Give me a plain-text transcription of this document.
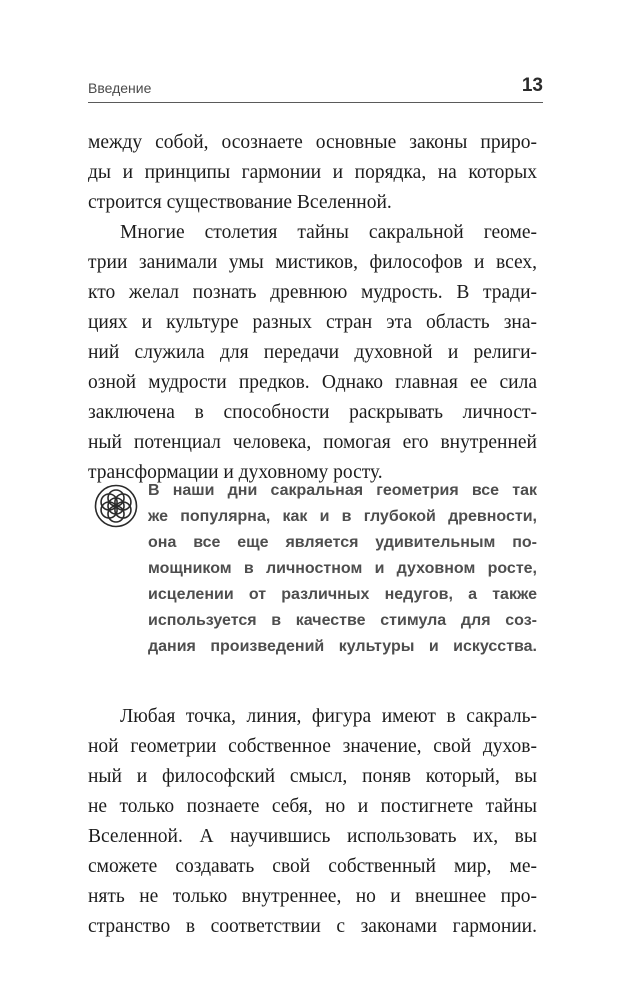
Введение	13
между собой, осознаете основные законы приро-
ды и принципы гармонии и порядка, на которых
строится существование Вселенной.
Многие столетия тайны сакральной геоме-
трии занимали умы мистиков, философов и всех,
кто желал познать древнюю мудрость. В тради-
циях и культуре разных стран эта область зна-
ний служила для передачи духовной и религи-
озной мудрости предков. Однако главная ее сила
заключена в способности раскрывать личност-
ный потенциал человека, помогая его внутренней
трансформации и духовному росту.
В наши дни сакральная геометрия все так
же популярна, как и в глубокой древности,
она все еще является удивительным по-
мощником в личностном и духовном росте,
исцелении от различных недугов, а также
используется в качестве стимула для соз-
дания произведений культуры и искусства.
Любая точка, линия, фигура имеют в сакраль-
ной геометрии собственное значение, свой духов-
ный и философский смысл, поняв который, вы
не только познаете себя, но и постигнете тайны
Вселенной. А научившись использовать их, вы
сможете создавать свой собственный мир, ме-
нять не только внутреннее, но и внешнее про-
странство в соответствии с законами гармонии.
